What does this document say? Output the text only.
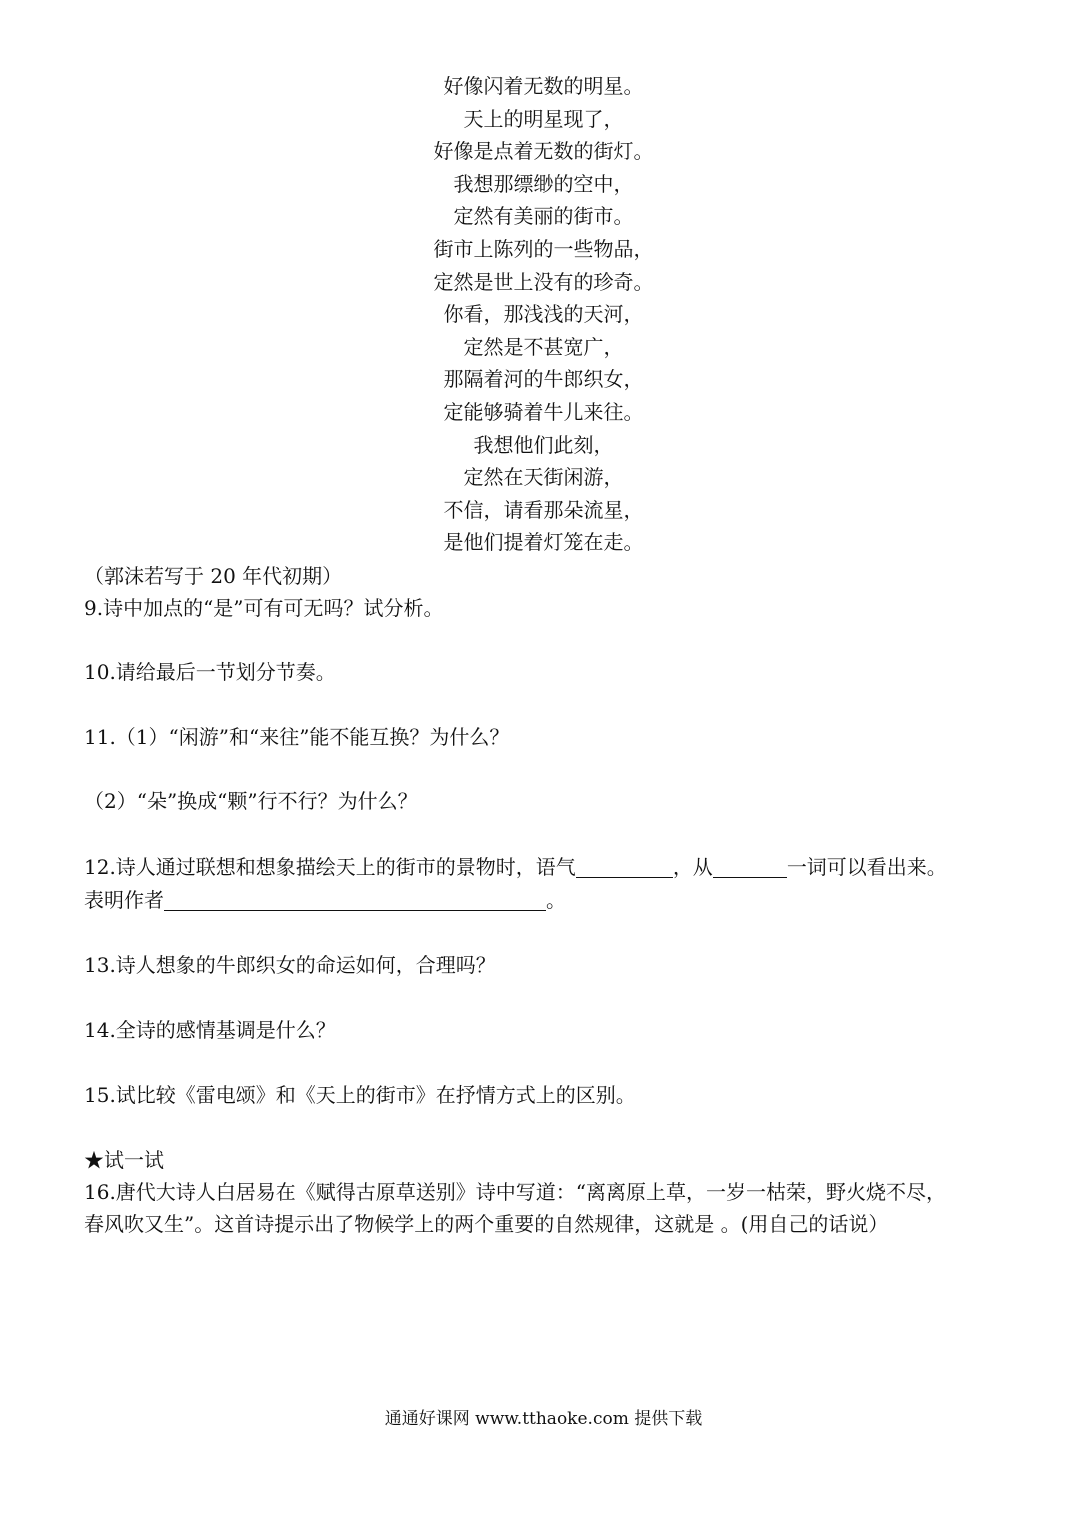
好像闪着无数的明星。
天上的明星现了，
好像是点着无数的街灯。
我想那缥缈的空中，
定然有美丽的街市。
街市上陈列的一些物品，
定然是世上没有的珍奇。
你看，那浅浅的天河，
定然是不甚宽广，
那隔着河的牛郎织女，
定能够骑着牛儿来往。
我想他们此刻，
定然在天街闲游，
不信，请看那朵流星，
是他们提着灯笼在走。
（郭沫若写于 20 年代初期）
9.诗中加点的“是”可有可无吗？试分析。
10.请给最后一节划分节奏。
11.（1）“闲游”和“来往”能不能互换？为什么？
（2）“朵”换成“颗”行不行？为什么？
12.诗人通过联想和想象描绘天上的街市的景物时，语气	，从	一词可以看出来。
表明作者	。
13.诗人想象的牛郎织女的命运如何，合理吗？
14.全诗的感情基调是什么？
15.试比较《雷电颂》和《天上的街市》在抒情方式上的区别。
★试一试
16.唐代大诗人白居易在《赋得古原草送别》诗中写道：“离离原上草，一岁一枯荣，野火烧不尽，
春风吹又生”。这首诗提示出了物候学上的两个重要的自然规律，这就是 。(用自己的话说）
通通好课网 www.tthaoke.com 提供下载
